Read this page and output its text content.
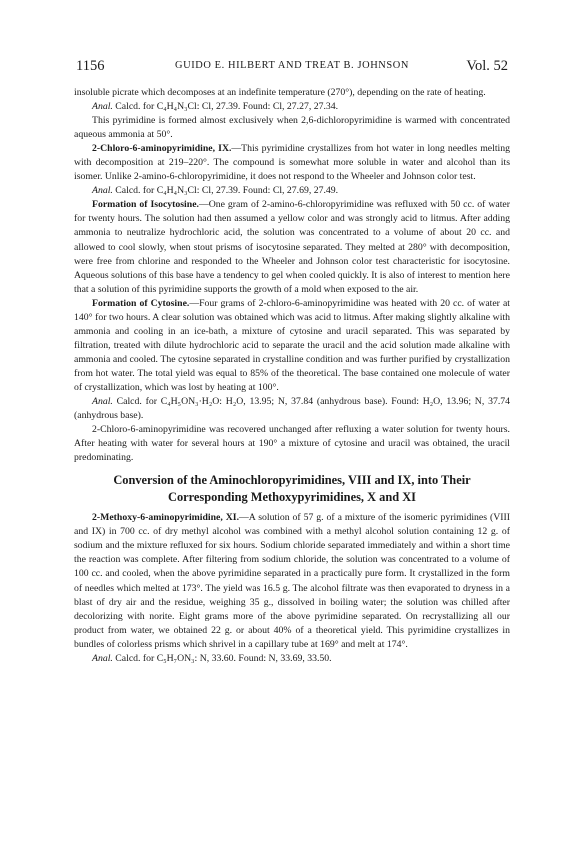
1156	GUIDO E. HILBERT AND TREAT B. JOHNSON	Vol. 52

insoluble picrate which decomposes at an indefinite temperature (270°), depending on the rate of heating.

Anal. Calcd. for C₄H₄N₃Cl: Cl, 27.39. Found: Cl, 27.27, 27.34.

This pyrimidine is formed almost exclusively when 2,6-dichloropyrimidine is warmed with concentrated aqueous ammonia at 50°.

2-Chloro-6-aminopyrimidine, IX.—This pyrimidine crystallizes from hot water in long needles melting with decomposition at 219–220°. The compound is somewhat more soluble in water and alcohol than its isomer. Unlike 2-amino-6-chloropyrimidine, it does not respond to the Wheeler and Johnson color test.

Anal. Calcd. for C₄H₄N₃Cl: Cl, 27.39. Found: Cl, 27.69, 27.49.

Formation of Isocytosine.—One gram of 2-amino-6-chloropyrimidine was refluxed with 50 cc. of water for twenty hours. The solution had then assumed a yellow color and was strongly acid to litmus. After adding ammonia to neutralize hydrochloric acid, the solution was concentrated to a volume of about 20 cc. and allowed to cool slowly, when stout prisms of isocytosine separated. They melted at 280° with decomposition, were free from chlorine and responded to the Wheeler and Johnson color test characteristic for isocytosine. Aqueous solutions of this base have a tendency to gel when cooled quickly. It is also of interest to mention here that a solution of this pyrimidine supports the growth of a mold when exposed to the air.

Formation of Cytosine.—Four grams of 2-chloro-6-aminopyrimidine was heated with 20 cc. of water at 140° for two hours. A clear solution was obtained which was acid to litmus. After making slightly alkaline with ammonia and cooling in an ice-bath, a mixture of cytosine and uracil separated. This was separated by filtration, treated with dilute hydrochloric acid to separate the uracil and the acid solution made alkaline with ammonia and cooled. The cytosine separated in crystalline condition and was further purified by crystallization from hot water. The total yield was equal to 85% of the theoretical. The base contained one molecule of water of crystallization, which was lost by heating at 100°.

Anal. Calcd. for C₄H₅ON₃·H₂O: H₂O, 13.95; N, 37.84 (anhydrous base). Found: H₂O, 13.96; N, 37.74 (anhydrous base).

2-Chloro-6-aminopyrimidine was recovered unchanged after refluxing a water solution for twenty hours. After heating with water for several hours at 190° a mixture of cytosine and uracil was obtained, the uracil predominating.

Conversion of the Aminochloropyrimidines, VIII and IX, into Their
Corresponding Methoxypyrimidines, X and XI

2-Methoxy-6-aminopyrimidine, XI.—A solution of 57 g. of a mixture of the isomeric pyrimidines (VIII and IX) in 700 cc. of dry methyl alcohol was combined with a methyl alcohol solution containing 12 g. of sodium and the mixture refluxed for six hours. Sodium chloride separated immediately and within a short time the reaction was complete. After filtering from sodium chloride, the solution was concentrated to a volume of 100 cc. and cooled, when the above pyrimidine separated in a practically pure form. It crystallized in the form of needles which melted at 173°. The yield was 16.5 g. The alcohol filtrate was then evaporated to dryness in a blast of dry air and the residue, weighing 35 g., dissolved in boiling water; the solution was chilled after decolorizing with norite. Eight grams more of the above pyrimidine separated. On recrystallizing all our product from water, we obtained 22 g. or about 40% of a theoretical yield. This pyrimidine crystallizes in bundles of colorless prisms which shrivel in a capillary tube at 169° and melt at 174°.

Anal. Calcd. for C₅H₇ON₃: N, 33.60. Found: N, 33.69, 33.50.
